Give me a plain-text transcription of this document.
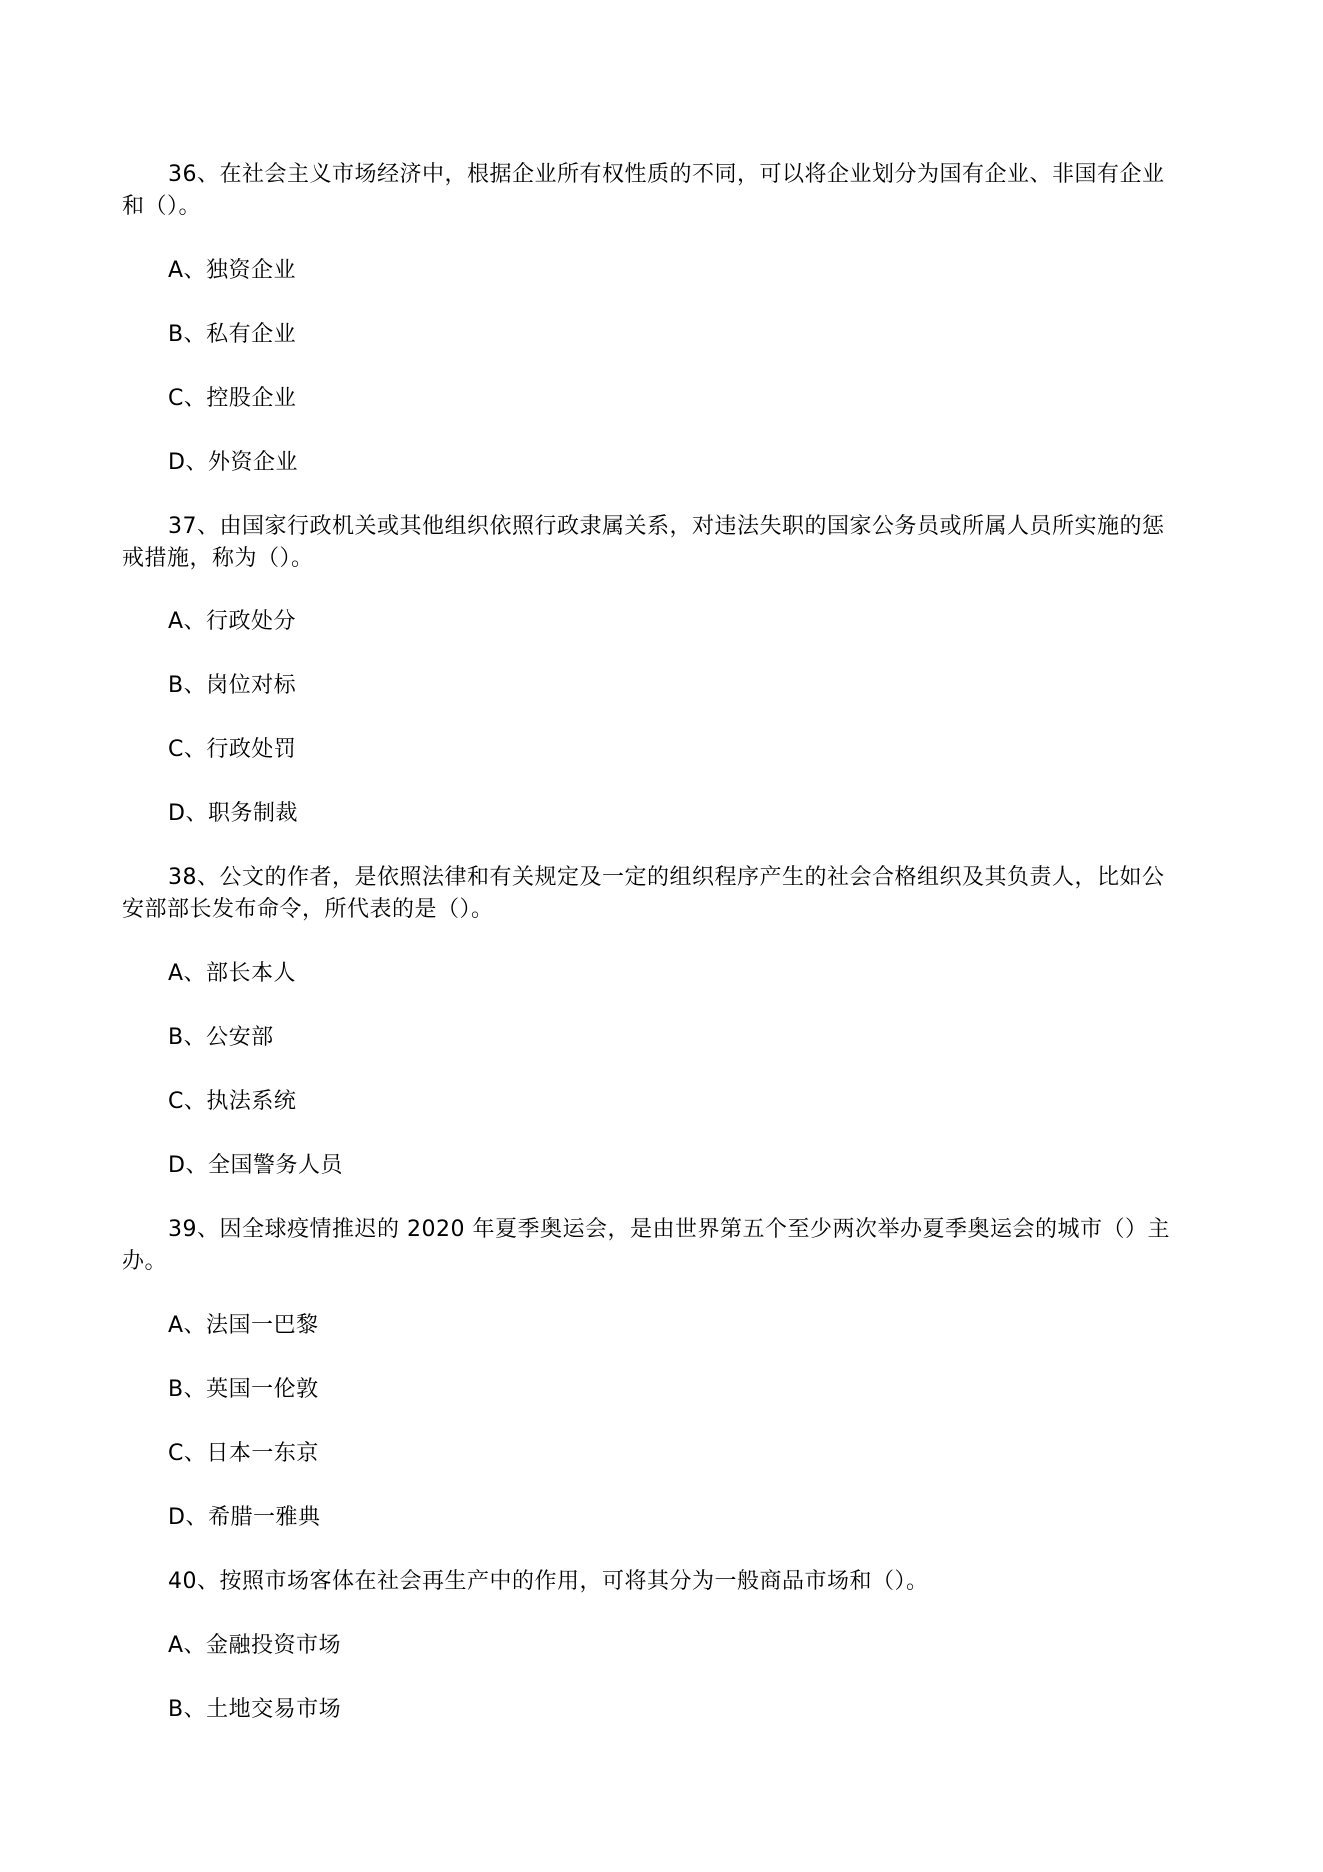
36、在社会主义市场经济中，根据企业所有权性质的不同，可以将企业划分为国有企业、非国有企业
和（）。
A、独资企业
B、私有企业
C、控股企业
D、外资企业
37、由国家行政机关或其他组织依照行政隶属关系，对违法失职的国家公务员或所属人员所实施的惩
戒措施，称为（）。
A、行政处分
B、岗位对标
C、行政处罚
D、职务制裁
38、公文的作者，是依照法律和有关规定及一定的组织程序产生的社会合格组织及其负责人，比如公
安部部长发布命令，所代表的是（）。
A、部长本人
B、公安部
C、执法系统
D、全国警务人员
39、因全球疫情推迟的 2020 年夏季奥运会，是由世界第五个至少两次举办夏季奥运会的城市（）主
办。
A、法国一巴黎
B、英国一伦敦
C、日本一东京
D、希腊一雅典
40、按照市场客体在社会再生产中的作用，可将其分为一般商品市场和（）。
A、金融投资市场
B、土地交易市场
